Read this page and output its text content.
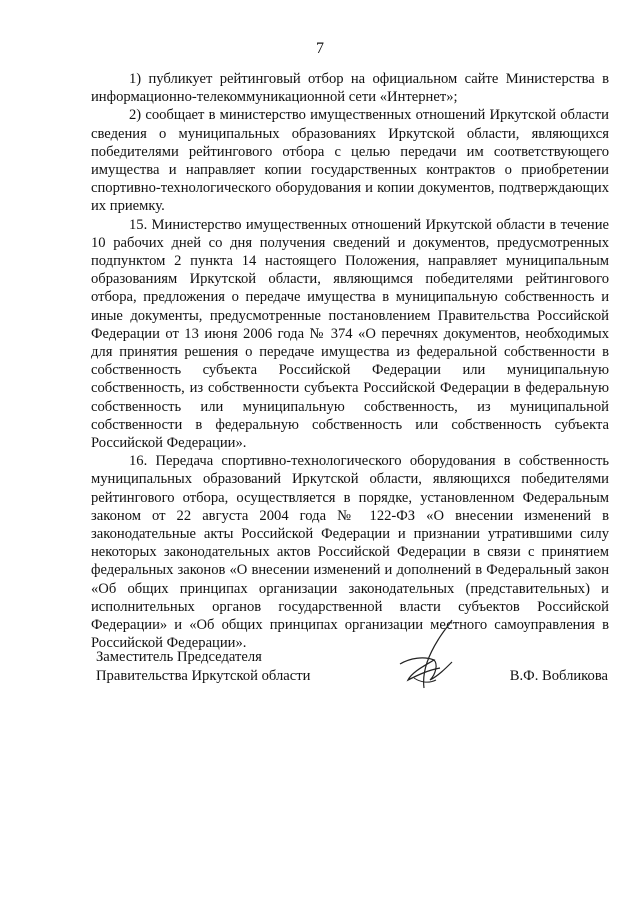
7

1) публикует рейтинговый отбор на официальном сайте Министерства в информационно-телекоммуникационной сети «Интернет»;

2) сообщает в министерство имущественных отношений Иркутской области сведения о муниципальных образованиях Иркутской области, являющихся победителями рейтингового отбора с целью передачи им соответствующего имущества и направляет копии государственных контрактов о приобретении спортивно-технологического оборудования и копии документов, подтверждающих их приемку.

15. Министерство имущественных отношений Иркутской области в течение 10 рабочих дней со дня получения сведений и документов, предусмотренных подпунктом 2 пункта 14 настоящего Положения, направляет муниципальным образованиям Иркутской области, являющимся победителями рейтингового отбора, предложения о передаче имущества в муниципальную собственность и иные документы, предусмотренные постановлением Правительства Российской Федерации от 13 июня 2006 года № 374 «О перечнях документов, необходимых для принятия решения о передаче имущества из федеральной собственности в собственность субъекта Российской Федерации или муниципальную собственность, из собственности субъекта Российской Федерации в федеральную собственность или муниципальную собственность, из муниципальной собственности в федеральную собственность или собственность субъекта Российской Федерации».

16. Передача спортивно-технологического оборудования в собственность муниципальных образований Иркутской области, являющихся победителями рейтингового отбора, осуществляется в порядке, установленном Федеральным законом от 22 августа 2004 года № 122-ФЗ «О внесении изменений в законодательные акты Российской Федерации и признании утратившими силу некоторых законодательных актов Российской Федерации в связи с принятием федеральных законов «О внесении изменений и дополнений в Федеральный закон «Об общих принципах организации законодательных (представительных) и исполнительных органов государственной власти субъектов Российской Федерации» и «Об общих принципах организации местного самоуправления в Российской Федерации».

Заместитель Председателя
Правительства Иркутской области	В.Ф. Вобликова
